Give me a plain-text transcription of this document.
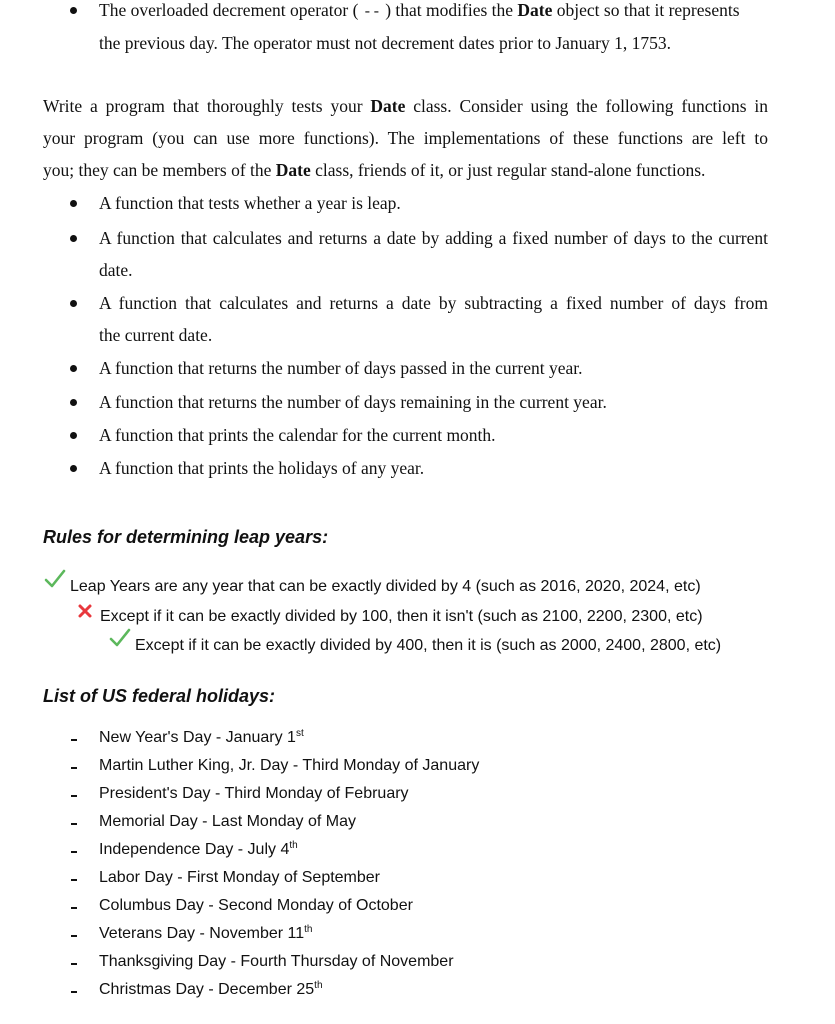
The overloaded decrement operator ( -- ) that modifies the Date object so that it represents
the previous day. The operator must not decrement dates prior to January 1, 1753.
Write a program that thoroughly tests your Date class. Consider using the following functions in
your program (you can use more functions). The implementations of these functions are left to
you; they can be members of the Date class, friends of it, or just regular stand-alone functions.
A function that tests whether a year is leap.
A function that calculates and returns a date by adding a fixed number of days to the current
date.
A function that calculates and returns a date by subtracting a fixed number of days from
the current date.
A function that returns the number of days passed in the current year.
A function that returns the number of days remaining in the current year.
A function that prints the calendar for the current month.
A function that prints the holidays of any year.
Rules for determining leap years:
Leap Years are any year that can be exactly divided by 4 (such as 2016, 2020, 2024, etc)
Except if it can be exactly divided by 100, then it isn't (such as 2100, 2200, 2300, etc)
Except if it can be exactly divided by 400, then it is (such as 2000, 2400, 2800, etc)
List of US federal holidays:
New Year's Day - January 1st
Martin Luther King, Jr. Day - Third Monday of January
President's Day - Third Monday of February
Memorial Day - Last Monday of May
Independence Day - July 4th
Labor Day - First Monday of September
Columbus Day - Second Monday of October
Veterans Day - November 11th
Thanksgiving Day - Fourth Thursday of November
Christmas Day - December 25th
